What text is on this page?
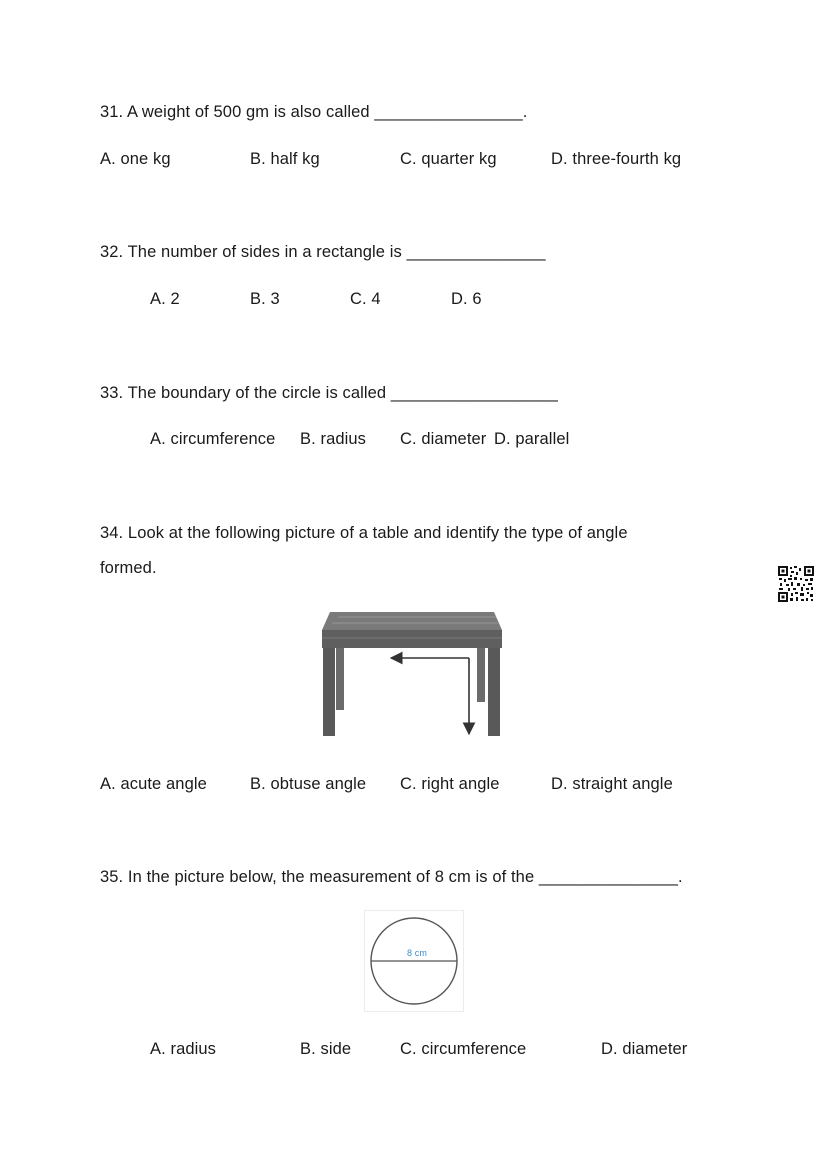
31. A weight of 500 gm is also called ________________.
A. one kg	B. half kg	C. quarter kg	D. three-fourth kg
32. The number of sides in a rectangle is _______________
A. 2	B. 3	C. 4	D. 6
33. The boundary of the circle is called __________________
A. circumference B. radius C. diameter D. parallel
34. Look at the following picture of a table and identify the type of angle
formed.
A. acute angle	B. obtuse angle C. right angle	D. straight angle
35. In the picture below, the measurement of 8 cm is of the _______________.
8 cm
A. radius	B. side	C. circumference	D. diameter
